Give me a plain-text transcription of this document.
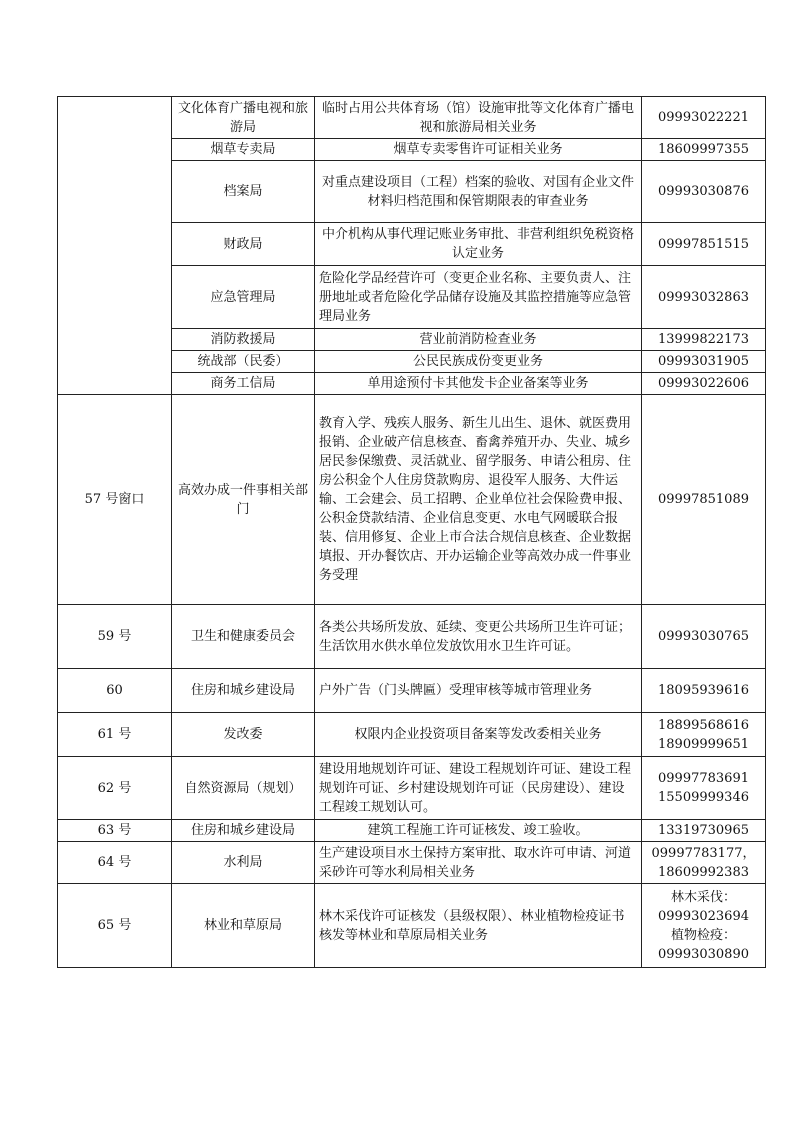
	文化体育广播电视和旅游局	临时占用公共体育场（馆）设施审批等文化体育广播电视和旅游局相关业务	09993022221

	烟草专卖局	烟草专卖零售许可证相关业务	18609997355

	档案局	对重点建设项目（工程）档案的验收、对国有企业文件材料归档范围和保管期限表的审查业务	09993030876

	财政局	中介机构从事代理记账业务审批、非营利组织免税资格认定业务	09997851515

	应急管理局	危险化学品经营许可（变更企业名称、主要负责人、注册地址或者危险化学品储存设施及其监控措施等应急管理局业务	09993032863

	消防救援局	营业前消防检查业务	13999822173

	统战部（民委）	公民民族成份变更业务	09993031905

	商务工信局	单用途预付卡其他发卡企业备案等业务	09993022606

57 号窗口	高效办成一件事相关部门	教育入学、残疾人服务、新生儿出生、退休、就医费用报销、企业破产信息核查、畜禽养殖开办、失业、城乡居民参保缴费、灵活就业、留学服务、申请公租房、住房公积金个人住房贷款购房、退役军人服务、大件运输、工会建会、员工招聘、企业单位社会保险费申报、公积金贷款结清、企业信息变更、水电气网暖联合报装、信用修复、企业上市合法合规信息核查、企业数据填报、开办餐饮店、开办运输企业等高效办成一件事业务受理	09997851089

59 号	卫生和健康委员会	各类公共场所发放、延续、变更公共场所卫生许可证；生活饮用水供水单位发放饮用水卫生许可证。	09993030765

60	住房和城乡建设局	户外广告（门头牌匾）受理审核等城市管理业务	18095939616

61 号	发改委	权限内企业投资项目备案等发改委相关业务	18899568616
18909999651

62 号	自然资源局（规划）	建设用地规划许可证、建设工程规划许可证、建设工程规划许可证、乡村建设规划许可证（民房建设）、建设工程竣工规划认可。	09997783691
15509999346

63 号	住房和城乡建设局	建筑工程施工许可证核发、竣工验收。	13319730965

64 号	水利局	生产建设项目水土保持方案审批、取水许可申请、河道采砂许可等水利局相关业务	09997783177，
18609992383

65 号	林业和草原局	林木采伐许可证核发（县级权限）、林业植物检疫证书核发等林业和草原局相关业务	林木采伐：
09993023694
植物检疫：
09993030890
